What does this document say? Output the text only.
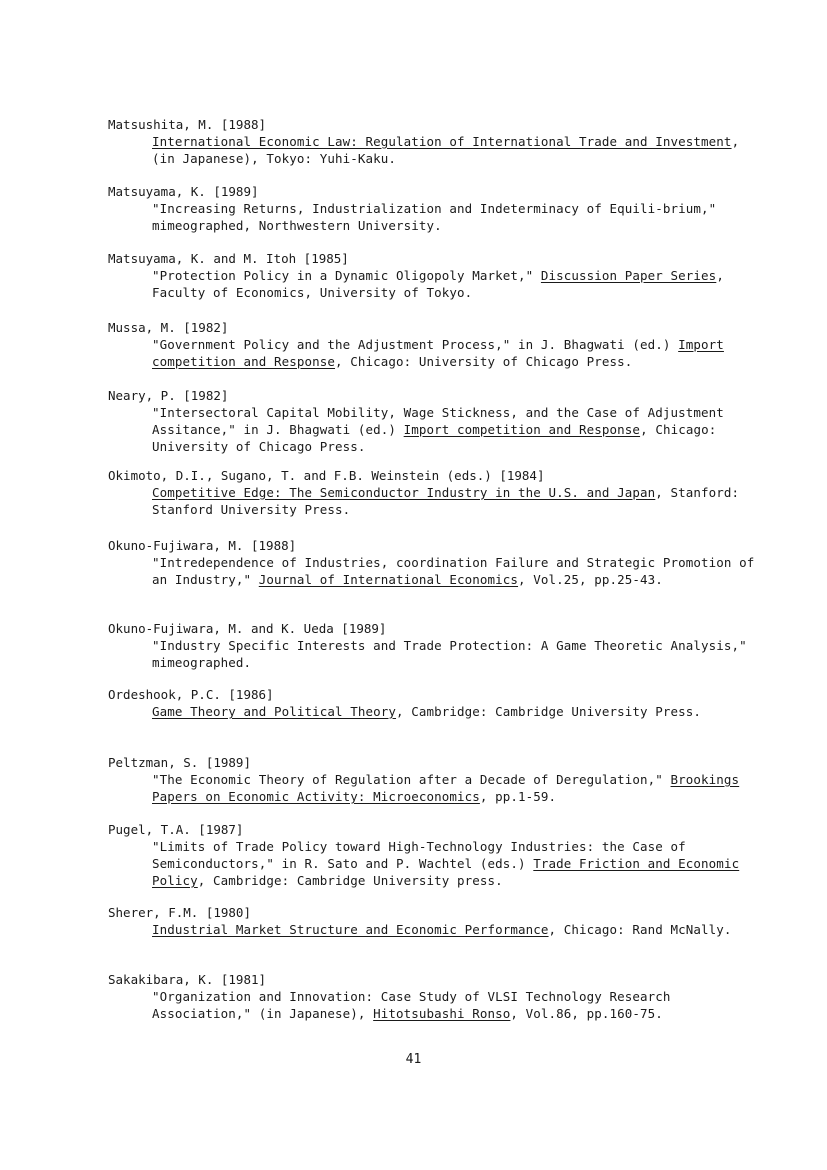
Matsushita, M. [1988]
International Economic Law: Regulation of International Trade and Investment, (in Japanese), Tokyo: Yuhi-Kaku.
Matsuyama, K. [1989]
"Increasing Returns, Industrialization and Indeterminacy of Equili-brium," mimeographed, Northwestern University.
Matsuyama, K. and M. Itoh [1985]
"Protection Policy in a Dynamic Oligopoly Market," Discussion Paper Series, Faculty of Economics, University of Tokyo.
Mussa, M. [1982]
"Government Policy and the Adjustment Process," in J. Bhagwati (ed.) Import competition and Response, Chicago: University of Chicago Press.
Neary, P. [1982]
"Intersectoral Capital Mobility, Wage Stickness, and the Case of Adjustment Assitance," in J. Bhagwati (ed.) Import competition and Response, Chicago: University of Chicago Press.
Okimoto, D.I., Sugano, T. and F.B. Weinstein (eds.) [1984]
Competitive Edge: The Semiconductor Industry in the U.S. and Japan, Stanford: Stanford University Press.
Okuno-Fujiwara, M. [1988]
"Intredependence of Industries, coordination Failure and Strategic Promotion of an Industry," Journal of International Economics, Vol.25, pp.25-43.
Okuno-Fujiwara, M. and K. Ueda [1989]
"Industry Specific Interests and Trade Protection: A Game Theoretic Analysis," mimeographed.
Ordeshook, P.C. [1986]
Game Theory and Political Theory, Cambridge: Cambridge University Press.
Peltzman, S. [1989]
"The Economic Theory of Regulation after a Decade of Deregulation," Brookings Papers on Economic Activity: Microeconomics, pp.1-59.
Pugel, T.A. [1987]
"Limits of Trade Policy toward High-Technology Industries: the Case of Semiconductors," in R. Sato and P. Wachtel (eds.) Trade Friction and Economic Policy, Cambridge: Cambridge University press.
Sherer, F.M. [1980]
Industrial Market Structure and Economic Performance, Chicago: Rand McNally.
Sakakibara, K. [1981]
"Organization and Innovation: Case Study of VLSI Technology Research Association," (in Japanese), Hitotsubashi Ronso, Vol.86, pp.160-75.
41
